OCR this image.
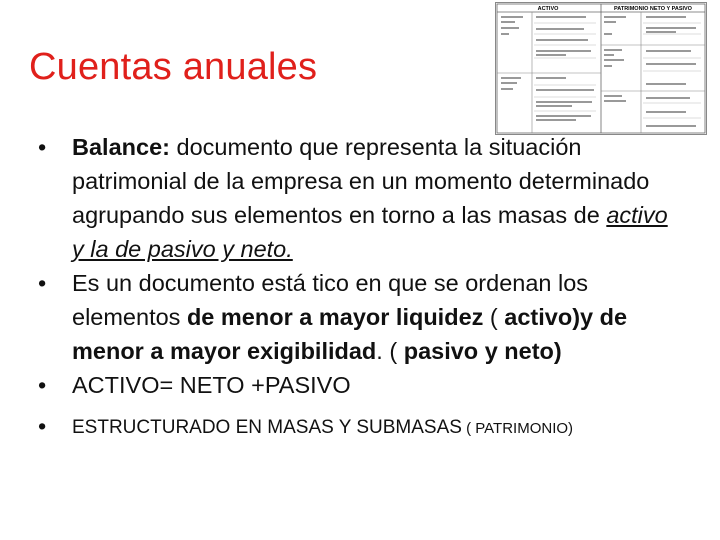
Cuentas anuales
ACTIVO	PATRIMONIO NETO Y PASIVO
•	Balance: documento que representa la situación patrimonial de la empresa en un momento determinado agrupando sus elementos en torno a las masas de activo y la de pasivo y neto.
•	Es un documento está tico en que se ordenan los elementos de menor a mayor liquidez ( activo)y de menor a mayor exigibilidad. ( pasivo y neto)
•	ACTIVO= NETO +PASIVO
•	ESTRUCTURADO EN MASAS Y SUBMASAS ( PATRIMONIO)
